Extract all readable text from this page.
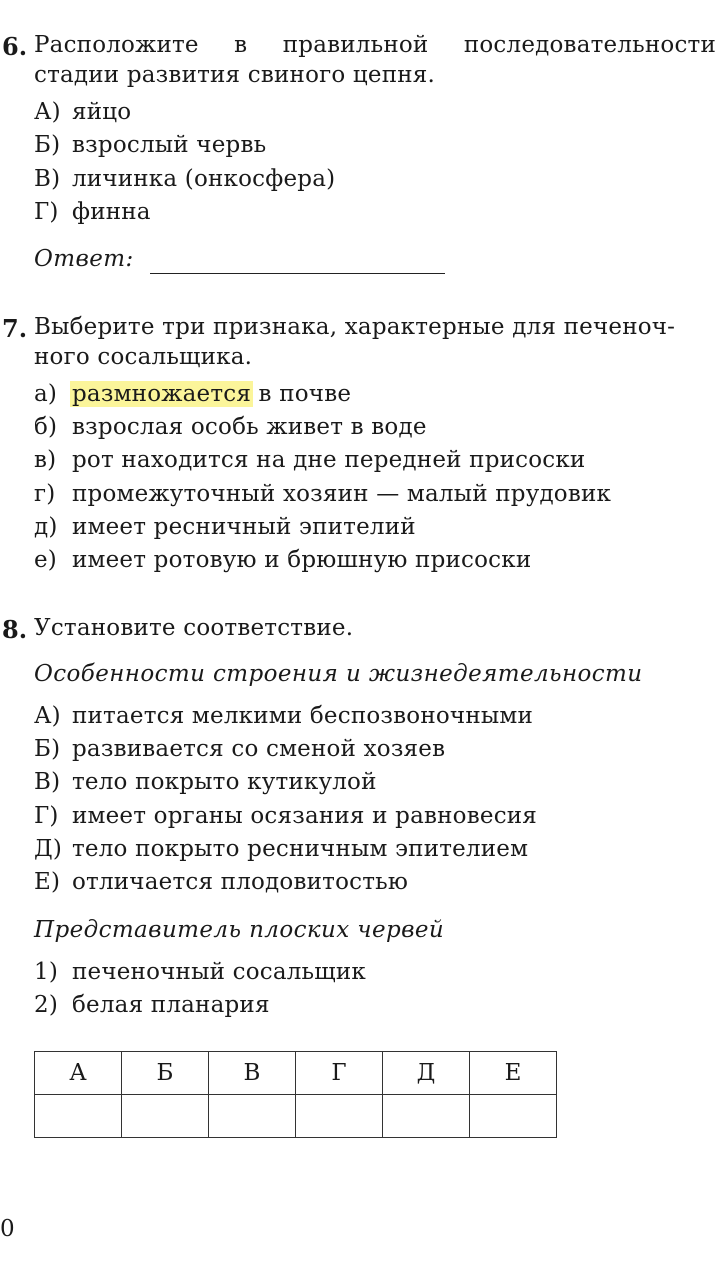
6. Расположите в правильной последовательности
стадии развития свиного цепня.
А) яйцо
Б) взрослый червь
В) личинка (онкосфера)
Г) финна
Ответ:
7. Выберите три признака, характерные для печеноч-
ного сосальщика.
а) размножается в почве
б) взрослая особь живет в воде
в) рот находится на дне передней присоски
г) промежуточный хозяин — малый прудовик
д) имеет ресничный эпителий
е) имеет ротовую и брюшную присоски
8. Установите соответствие.
Особенности строения и жизнедеятельности
А) питается мелкими беспозвоночными
Б) развивается со сменой хозяев
В) тело покрыто кутикулой
Г) имеет органы осязания и равновесия
Д) тело покрыто ресничным эпителием
Е) отличается плодовитостью
Представитель плоских червей
1) печеночный сосальщик
2) белая планария
А	Б	В	Г	Д	Е

0
